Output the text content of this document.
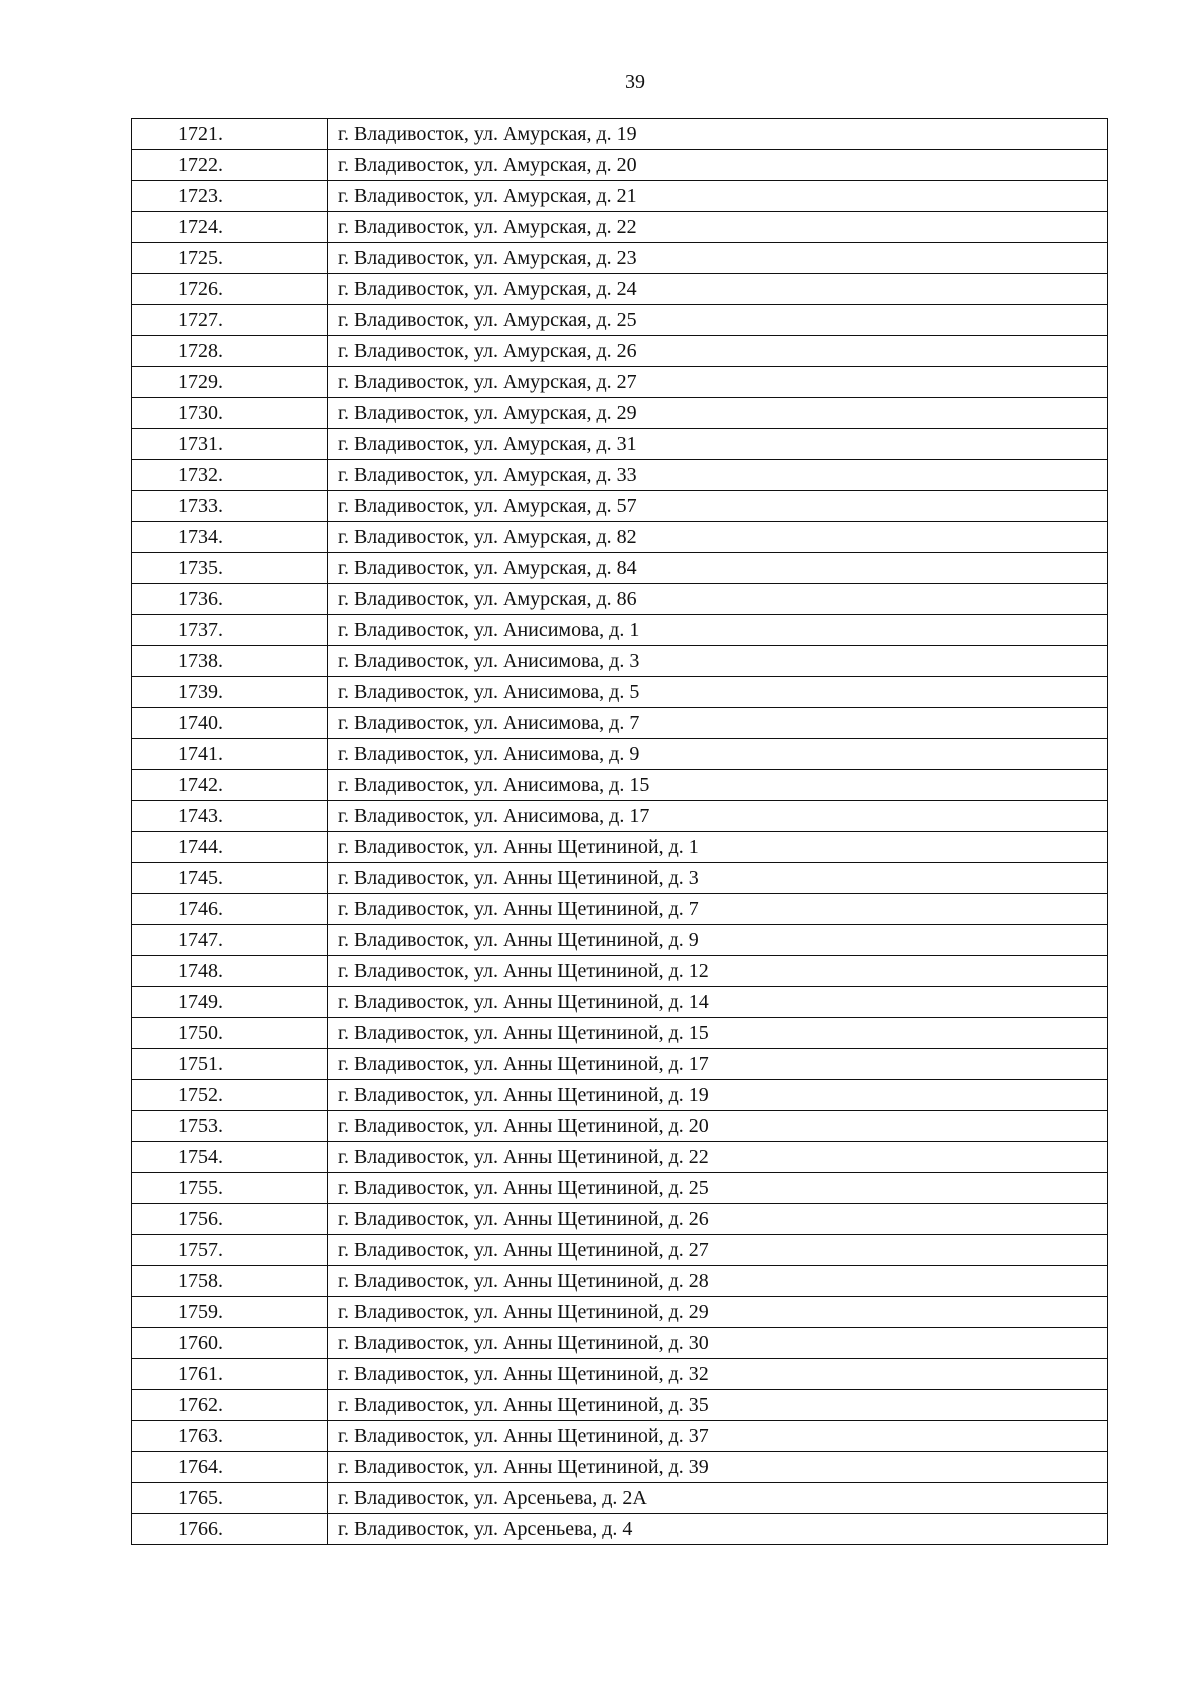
39
1721.	г. Владивосток, ул. Амурская, д. 19
1722.	г. Владивосток, ул. Амурская, д. 20
1723.	г. Владивосток, ул. Амурская, д. 21
1724.	г. Владивосток, ул. Амурская, д. 22
1725.	г. Владивосток, ул. Амурская, д. 23
1726.	г. Владивосток, ул. Амурская, д. 24
1727.	г. Владивосток, ул. Амурская, д. 25
1728.	г. Владивосток, ул. Амурская, д. 26
1729.	г. Владивосток, ул. Амурская, д. 27
1730.	г. Владивосток, ул. Амурская, д. 29
1731.	г. Владивосток, ул. Амурская, д. 31
1732.	г. Владивосток, ул. Амурская, д. 33
1733.	г. Владивосток, ул. Амурская, д. 57
1734.	г. Владивосток, ул. Амурская, д. 82
1735.	г. Владивосток, ул. Амурская, д. 84
1736.	г. Владивосток, ул. Амурская, д. 86
1737.	г. Владивосток, ул. Анисимова, д. 1
1738.	г. Владивосток, ул. Анисимова, д. 3
1739.	г. Владивосток, ул. Анисимова, д. 5
1740.	г. Владивосток, ул. Анисимова, д. 7
1741.	г. Владивосток, ул. Анисимова, д. 9
1742.	г. Владивосток, ул. Анисимова, д. 15
1743.	г. Владивосток, ул. Анисимова, д. 17
1744.	г. Владивосток, ул. Анны Щетининой, д. 1
1745.	г. Владивосток, ул. Анны Щетининой, д. 3
1746.	г. Владивосток, ул. Анны Щетининой, д. 7
1747.	г. Владивосток, ул. Анны Щетининой, д. 9
1748.	г. Владивосток, ул. Анны Щетининой, д. 12
1749.	г. Владивосток, ул. Анны Щетининой, д. 14
1750.	г. Владивосток, ул. Анны Щетининой, д. 15
1751.	г. Владивосток, ул. Анны Щетининой, д. 17
1752.	г. Владивосток, ул. Анны Щетининой, д. 19
1753.	г. Владивосток, ул. Анны Щетининой, д. 20
1754.	г. Владивосток, ул. Анны Щетининой, д. 22
1755.	г. Владивосток, ул. Анны Щетининой, д. 25
1756.	г. Владивосток, ул. Анны Щетининой, д. 26
1757.	г. Владивосток, ул. Анны Щетининой, д. 27
1758.	г. Владивосток, ул. Анны Щетининой, д. 28
1759.	г. Владивосток, ул. Анны Щетининой, д. 29
1760.	г. Владивосток, ул. Анны Щетининой, д. 30
1761.	г. Владивосток, ул. Анны Щетининой, д. 32
1762.	г. Владивосток, ул. Анны Щетининой, д. 35
1763.	г. Владивосток, ул. Анны Щетининой, д. 37
1764.	г. Владивосток, ул. Анны Щетининой, д. 39
1765.	г. Владивосток, ул. Арсеньева, д. 2А
1766.	г. Владивосток, ул. Арсеньева, д. 4
